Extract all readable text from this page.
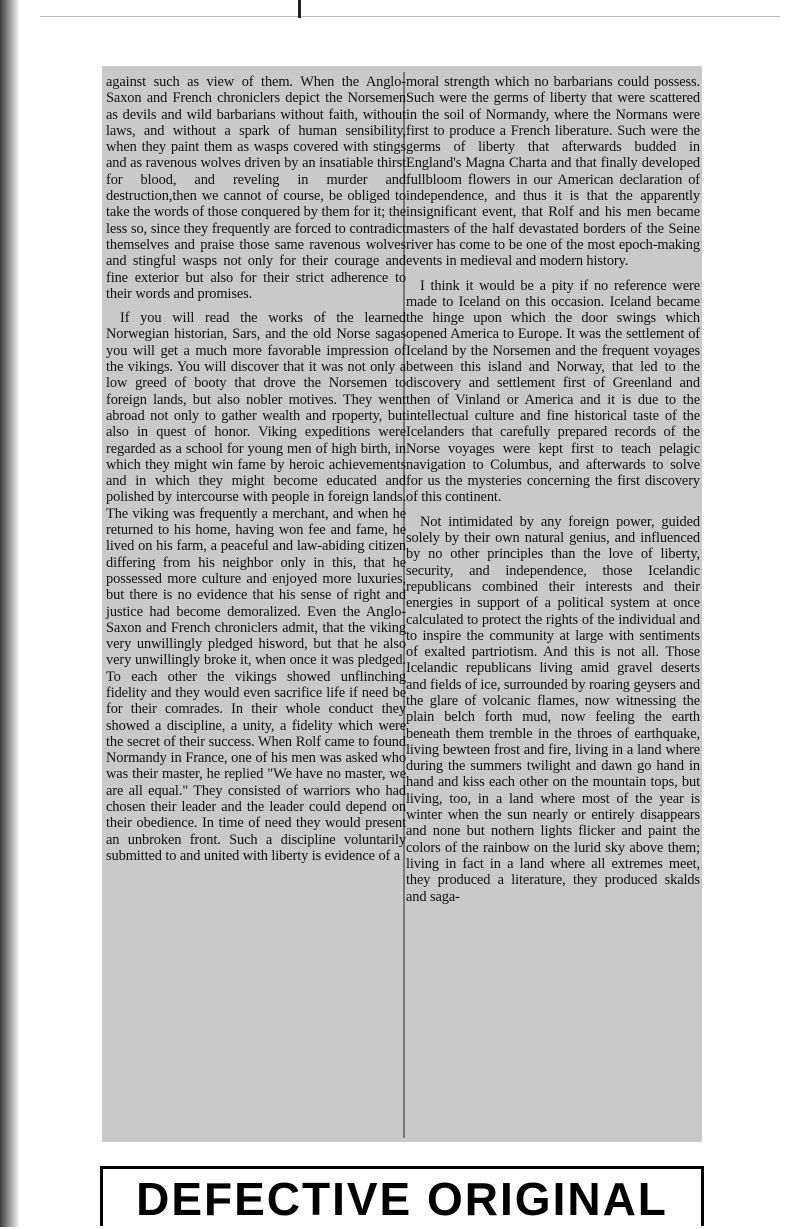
against such as view of them. When the Anglo-Saxon and French chroniclers depict the Norsemen as devils and wild barbarians without faith, without laws, and without a spark of human sensibility, when they paint them as wasps covered with stings and as ravenous wolves driven by an insatiable thirst for blood, and reveling in murder and destruction,then we cannot of course, be obliged to take the words of those conquered by them for it; the less so, since they frequently are forced to contradict themselves and praise those same ravenous wolves and stingful wasps not only for their courage and fine exterior but also for their strict adherence to their words and promises.

If you will read the works of the learned Norwegian historian, Sars, and the old Norse sagas you will get a much more favorable impression of the vikings. You will discover that it was not only a low greed of booty that drove the Norsemen to foreign lands, but also nobler motives. They went abroad not only to gather wealth and rpoperty, but also in quest of honor. Viking expeditions were regarded as a school for young men of high birth, in which they might win fame by heroic achievements and in which they might become educated and polished by intercourse with people in foreign lands. The viking was frequently a merchant, and when he returned to his home, having won fee and fame, he lived on his farm, a peaceful and law-abiding citizen differing from his neighbor only in this, that he possessed more culture and enjoyed more luxuries, but there is no evidence that his sense of right and justice had become demoralized. Even the Anglo-Saxon and French chroniclers admit, that the viking very unwillingly pledged hisword, but that he also very unwillingly broke it, when once it was pledged. To each other the vikings showed unflinching fidelity and they would even sacrifice life if need be for their comrades. In their whole conduct they showed a discipline, a unity, a fidelity which were the secret of their success. When Rolf came to found Normandy in France, one of his men was asked who was their master, he replied "We have no master, we are all equal." They consisted of warriors who had chosen their leader and the leader could depend on their obedience. In time of need they would present an unbroken front. Such a discipline voluntarily submitted to and united with liberty is evidence of a

moral strength which no barbarians could possess. Such were the germs of liberty that were scattered in the soil of Normandy, where the Normans were first to produce a French liberature. Such were the germs of liberty that afterwards budded in England's Magna Charta and that finally developed fullbloom flowers in our American declaration of independence, and thus it is that the apparently insignificant event, that Rolf and his men became masters of the half devastated borders of the Seine river has come to be one of the most epoch-making events in medieval and modern history.

I think it would be a pity if no reference were made to Iceland on this occasion. Iceland became the hinge upon which the door swings which opened America to Europe. It was the settlement of Iceland by the Norsemen and the frequent voyages between this island and Norway, that led to the discovery and settlement first of Greenland and then of Vinland or America and it is due to the intellectual culture and fine historical taste of the Icelanders that carefully prepared records of the Norse voyages were kept first to teach pelagic navigation to Columbus, and afterwards to solve for us the mysteries concerning the first discovery of this continent.

Not intimidated by any foreign power, guided solely by their own natural genius, and influenced by no other principles than the love of liberty, security, and independence, those Icelandic republicans combined their interests and their energies in support of a political system at once calculated to protect the rights of the individual and to inspire the community at large with sentiments of exalted partriotism. And this is not all. Those Icelandic republicans living amid gravel deserts and fields of ice, surrounded by roaring geysers and the glare of volcanic flames, now witnessing the plain belch forth mud, now feeling the earth beneath them tremble in the throes of earthquake, living bewteen frost and fire, living in a land where during the summers twilight and dawn go hand in hand and kiss each other on the mountain tops, but living, too, in a land where most of the year is winter when the sun nearly or entirely disappears and none but nothern lights flicker and paint the colors of the rainbow on the lurid sky above them; living in fact in a land where all extremes meet, they produced a literature, they produced skalds and saga-

DEFECTIVE ORIGINAL
